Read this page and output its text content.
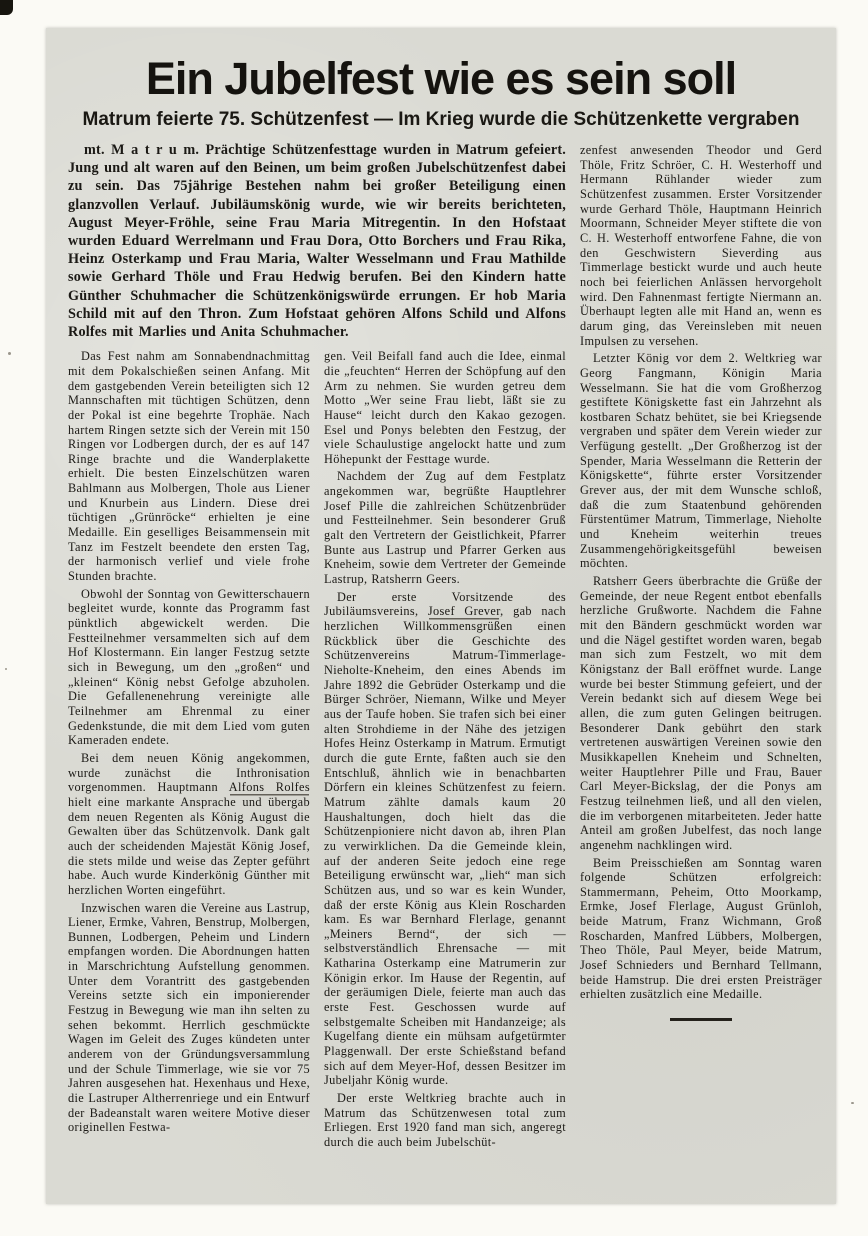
Ein Jubelfest wie es sein soll
Matrum feierte 75. Schützenfest — Im Krieg wurde die Schützenkette vergraben

mt. M a t r u m. Prächtige Schützenfesttage wurden in Matrum gefeiert. Jung und alt waren auf den Beinen, um beim großen Jubelschützenfest dabei zu sein. Das 75jährige Bestehen nahm bei großer Beteiligung einen glanzvollen Verlauf. Jubiläumskönig wurde, wie wir bereits berichteten, August Meyer-Fröhle, seine Frau Maria Mitregentin. In den Hofstaat wurden Eduard Werrelmann und Frau Dora, Otto Borchers und Frau Rika, Heinz Osterkamp und Frau Maria, Walter Wesselmann und Frau Mathilde sowie Gerhard Thöle und Frau Hedwig berufen. Bei den Kindern hatte Günther Schuhmacher die Schützenkönigswürde errungen. Er hob Maria Schild mit auf den Thron. Zum Hofstaat gehören Alfons Schild und Alfons Rolfes mit Marlies und Anita Schuhmacher.

Das Fest nahm am Sonnabendnachmittag mit dem Pokalschießen seinen Anfang. Mit dem gastgebenden Verein beteiligten sich 12 Mannschaften mit tüchtigen Schützen, denn der Pokal ist eine begehrte Trophäe. Nach hartem Ringen setzte sich der Verein mit 150 Ringen vor Lodbergen durch, der es auf 147 Ringe brachte und die Wanderplakette erhielt. Die besten Einzelschützen waren Bahlmann aus Molbergen, Thole aus Liener und Knurbein aus Lindern. Diese drei tüchtigen „Grünröcke“ erhielten je eine Medaille. Ein geselliges Beisammensein mit Tanz im Festzelt beendete den ersten Tag, der harmonisch verlief und viele frohe Stunden brachte.

Obwohl der Sonntag von Gewitterschauern begleitet wurde, konnte das Programm fast pünktlich abgewickelt werden. Die Festteilnehmer versammelten sich auf dem Hof Klostermann. Ein langer Festzug setzte sich in Bewegung, um den „großen“ und „kleinen“ König nebst Gefolge abzuholen. Die Gefallenenehrung vereinigte alle Teilnehmer am Ehrenmal zu einer Gedenkstunde, die mit dem Lied vom guten Kameraden endete.

Bei dem neuen König angekommen, wurde zunächst die Inthronisation vorgenommen. Hauptmann Alfons Rolfes hielt eine markante Ansprache und übergab dem neuen Regenten als König August die Gewalten über das Schützenvolk. Dank galt auch der scheidenden Majestät König Josef, die stets milde und weise das Zepter geführt habe. Auch wurde Kinderkönig Günther mit herzlichen Worten eingeführt.

Inzwischen waren die Vereine aus Lastrup, Liener, Ermke, Vahren, Benstrup, Molbergen, Bunnen, Lodbergen, Peheim und Lindern empfangen worden. Die Abordnungen hatten in Marschrichtung Aufstellung genommen. Unter dem Vorantritt des gastgebenden Vereins setzte sich ein imponierender Festzug in Bewegung wie man ihn selten zu sehen bekommt. Herrlich geschmückte Wagen im Geleit des Zuges kündeten unter anderem von der Gründungsversammlung und der Schule Timmerlage, wie sie vor 75 Jahren ausgesehen hat. Hexenhaus und Hexe, die Lastruper Altherrenriege und ein Entwurf der Badeanstalt waren weitere Motive dieser originellen Festwa-

gen. Veil Beifall fand auch die Idee, einmal die „feuchten“ Herren der Schöpfung auf den Arm zu nehmen. Sie wurden getreu dem Motto „Wer seine Frau liebt, läßt sie zu Hause“ leicht durch den Kakao gezogen. Esel und Ponys belebten den Festzug, der viele Schaulustige angelockt hatte und zum Höhepunkt der Festtage wurde.

Nachdem der Zug auf dem Festplatz angekommen war, begrüßte Hauptlehrer Josef Pille die zahlreichen Schützenbrüder und Festteilnehmer. Sein besonderer Gruß galt den Vertretern der Geistlichkeit, Pfarrer Bunte aus Lastrup und Pfarrer Gerken aus Kneheim, sowie dem Vertreter der Gemeinde Lastrup, Ratsherrn Geers.

Der erste Vorsitzende des Jubiläumsvereins, Josef Grever, gab nach herzlichen Willkommensgrüßen einen Rückblick über die Geschichte des Schützenvereins Matrum-Timmerlage-Nieholte-Kneheim, den eines Abends im Jahre 1892 die Gebrüder Osterkamp und die Bürger Schröer, Niemann, Wilke und Meyer aus der Taufe hoben. Sie trafen sich bei einer alten Strohdieme in der Nähe des jetzigen Hofes Heinz Osterkamp in Matrum. Ermutigt durch die gute Ernte, faßten auch sie den Entschluß, ähnlich wie in benachbarten Dörfern ein kleines Schützenfest zu feiern. Matrum zählte damals kaum 20 Haushaltungen, doch hielt das die Schützenpioniere nicht davon ab, ihren Plan zu verwirklichen. Da die Gemeinde klein, auf der anderen Seite jedoch eine rege Beteiligung erwünscht war, „lieh“ man sich Schützen aus, und so war es kein Wunder, daß der erste König aus Klein Roscharden kam. Es war Bernhard Flerlage, genannt „Meiners Bernd“, der sich — selbstverständlich Ehrensache — mit Katharina Osterkamp eine Matrumerin zur Königin erkor. Im Hause der Regentin, auf der geräumigen Diele, feierte man auch das erste Fest. Geschossen wurde auf selbstgemalte Scheiben mit Handanzeige; als Kugelfang diente ein mühsam aufgetürmter Plaggenwall. Der erste Schießstand befand sich auf dem Meyer-Hof, dessen Besitzer im Jubeljahr König wurde.

Der erste Weltkrieg brachte auch in Matrum das Schützenwesen total zum Erliegen. Erst 1920 fand man sich, angeregt durch die auch beim Jubelschüt-

zenfest anwesenden Theodor und Gerd Thöle, Fritz Schröer, C. H. Westerhoff und Hermann Rühlander wieder zum Schützenfest zusammen. Erster Vorsitzender wurde Gerhard Thöle, Hauptmann Heinrich Moormann, Schneider Meyer stiftete die von C. H. Westerhoff entworfene Fahne, die von den Geschwistern Sieverding aus Timmerlage bestickt wurde und auch heute noch bei feierlichen Anlässen hervorgeholt wird. Den Fahnenmast fertigte Niermann an. Überhaupt legten alle mit Hand an, wenn es darum ging, das Vereinsleben mit neuen Impulsen zu versehen.

Letzter König vor dem 2. Weltkrieg war Georg Fangmann, Königin Maria Wesselmann. Sie hat die vom Großherzog gestiftete Königskette fast ein Jahrzehnt als kostbaren Schatz behütet, sie bei Kriegsende vergraben und später dem Verein wieder zur Verfügung gestellt. „Der Großherzog ist der Spender, Maria Wesselmann die Retterin der Königskette“, führte erster Vorsitzender Grever aus, der mit dem Wunsche schloß, daß die zum Staatenbund gehörenden Fürstentümer Matrum, Timmerlage, Nieholte und Kneheim weiterhin treues Zusammengehörigkeitsgefühl beweisen möchten.

Ratsherr Geers überbrachte die Grüße der Gemeinde, der neue Regent entbot ebenfalls herzliche Grußworte. Nachdem die Fahne mit den Bändern geschmückt worden war und die Nägel gestiftet worden waren, begab man sich zum Festzelt, wo mit dem Königstanz der Ball eröffnet wurde. Lange wurde bei bester Stimmung gefeiert, und der Verein bedankt sich auf diesem Wege bei allen, die zum guten Gelingen beitrugen. Besonderer Dank gebührt den stark vertretenen auswärtigen Vereinen sowie den Musikkapellen Kneheim und Schnelten, weiter Hauptlehrer Pille und Frau, Bauer Carl Meyer-Bickslag, der die Ponys am Festzug teilnehmen ließ, und all den vielen, die im verborgenen mitarbeiteten. Jeder hatte Anteil am großen Jubelfest, das noch lange angenehm nachklingen wird.

Beim Preisschießen am Sonntag waren folgende Schützen erfolgreich: Stammermann, Peheim, Otto Moorkamp, Ermke, Josef Flerlage, August Grünloh, beide Matrum, Franz Wichmann, Groß Roscharden, Manfred Lübbers, Molbergen, Theo Thöle, Paul Meyer, beide Matrum, Josef Schnieders und Bernhard Tellmann, beide Hamstrup. Die drei ersten Preisträger erhielten zusätzlich eine Medaille.
